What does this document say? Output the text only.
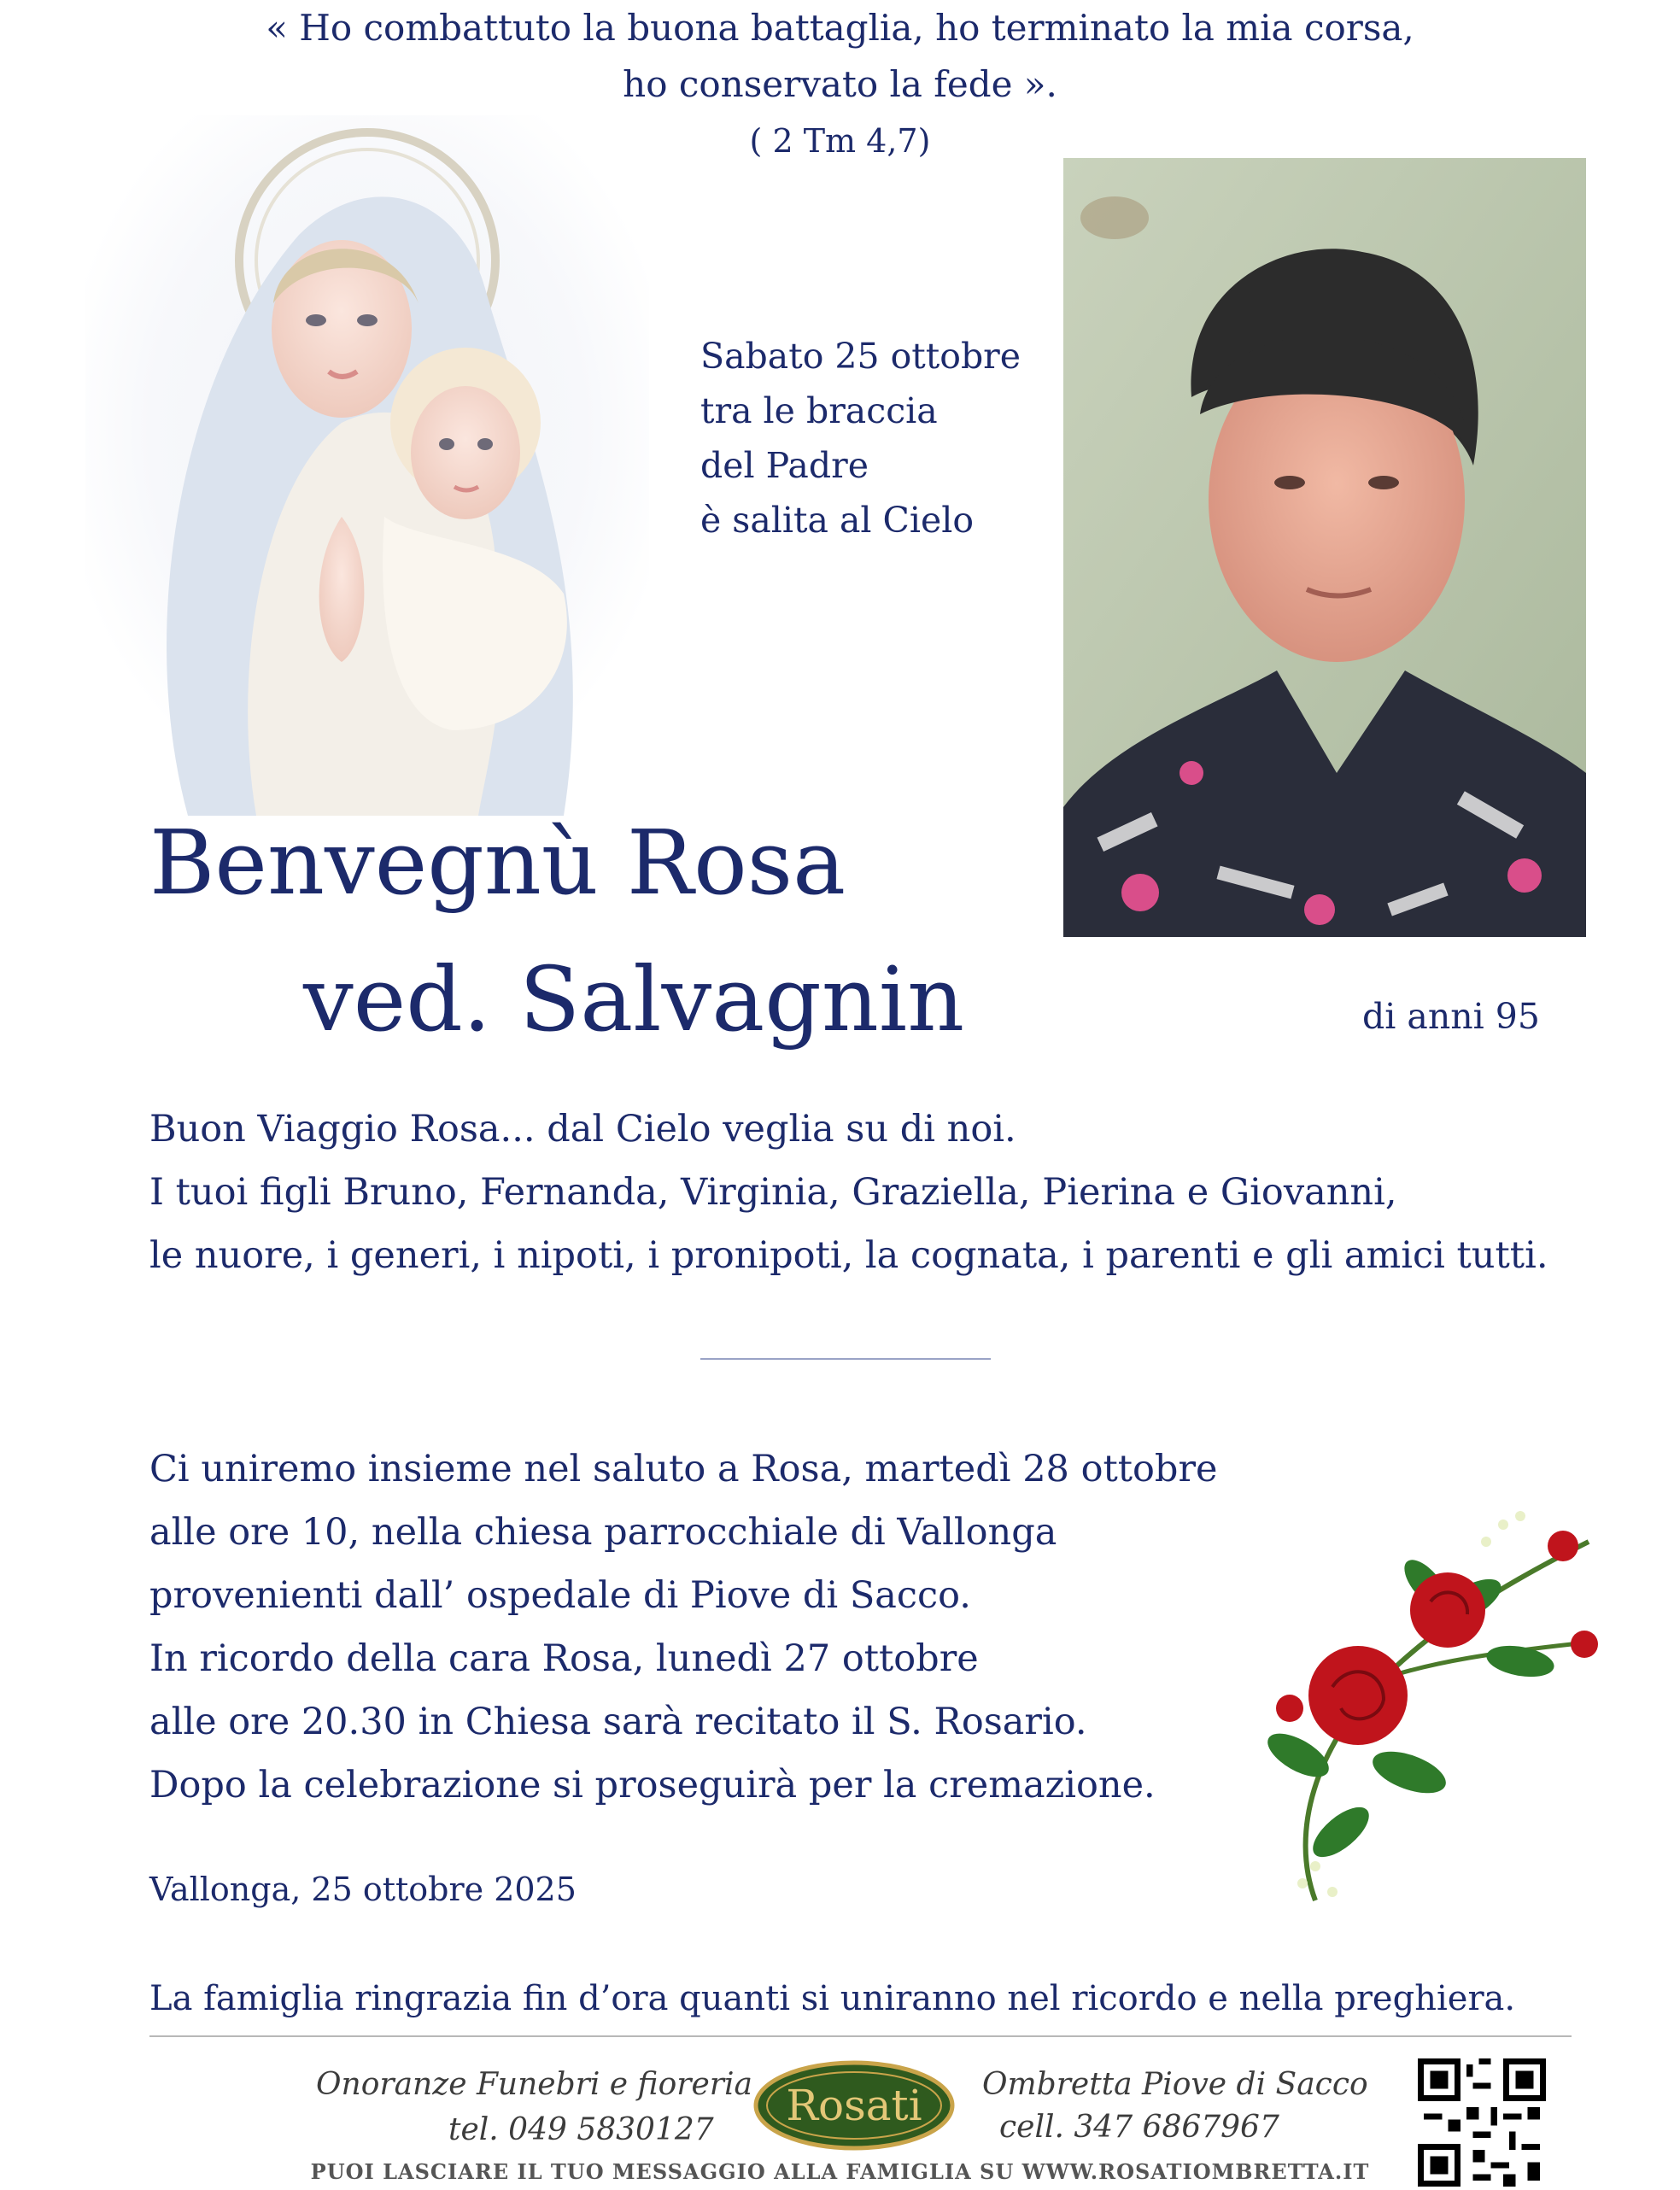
« Ho combattuto la buona battaglia, ho terminato la mia corsa,
ho conservato la fede ».
( 2 Tm 4,7)
Sabato 25 ottobre
tra le braccia
del Padre
è salita al Cielo
Benvegnù Rosa
ved. Salvagnin	di anni 95
Buon Viaggio Rosa... dal Cielo veglia su di noi.
I tuoi figli Bruno, Fernanda, Virginia, Graziella, Pierina e Giovanni,
le nuore, i generi, i nipoti, i pronipoti, la cognata, i parenti e gli amici tutti.
Ci uniremo insieme nel saluto a Rosa, martedì 28 ottobre
alle ore 10, nella chiesa parrocchiale di Vallonga
provenienti dall’ ospedale di Piove di Sacco.
In ricordo della cara Rosa, lunedì 27 ottobre
alle ore 20.30 in Chiesa sarà recitato il S. Rosario.
Dopo la celebrazione si proseguirà per la cremazione.
Vallonga, 25 ottobre 2025
La famiglia ringrazia fin d’ora quanti si uniranno nel ricordo e nella preghiera.
Onoranze Funebri e fioreria
tel. 049 5830127 Rosati Ombretta Piove di Sacco
cell. 347 6867967
PUOI LASCIARE IL TUO MESSAGGIO ALLA FAMIGLIA SU WWW.ROSATIOMBRETTA.IT
